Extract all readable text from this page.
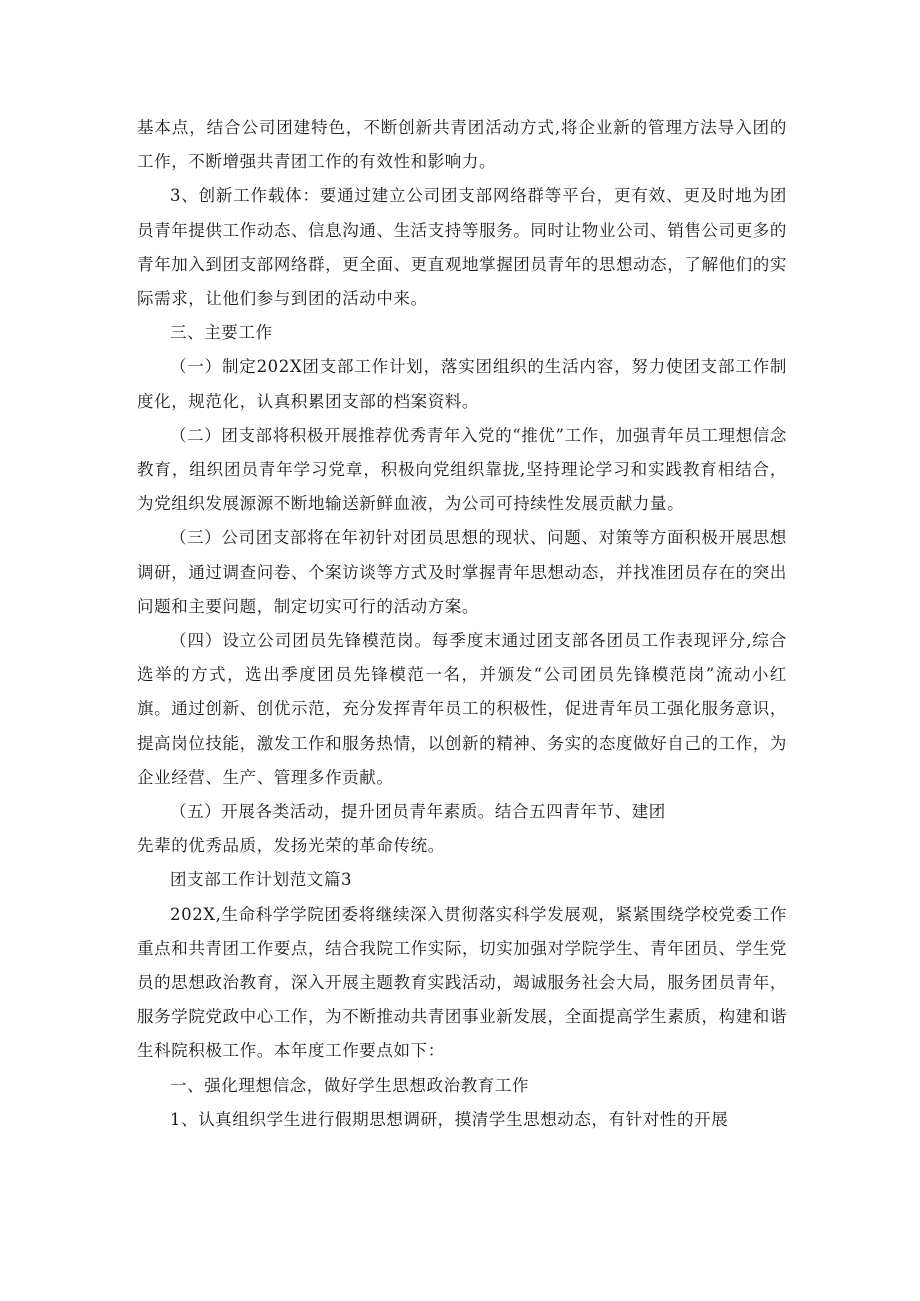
基本点，结合公司团建特色，不断创新共青团活动方式,将企业新的管理方法导入团的工作，不断增强共青团工作的有效性和影响力。

3、创新工作载体：要通过建立公司团支部网络群等平台，更有效、更及时地为团员青年提供工作动态、信息沟通、生活支持等服务。同时让物业公司、销售公司更多的青年加入到团支部网络群，更全面、更直观地掌握团员青年的思想动态，了解他们的实际需求，让他们参与到团的活动中来。

三、主要工作

（一）制定202X团支部工作计划，落实团组织的生活内容，努力使团支部工作制度化，规范化，认真积累团支部的档案资料。

（二）团支部将积极开展推荐优秀青年入党的“推优”工作，加强青年员工理想信念教育，组织团员青年学习党章，积极向党组织靠拢,坚持理论学习和实践教育相结合，为党组织发展源源不断地输送新鲜血液，为公司可持续性发展贡献力量。

（三）公司团支部将在年初针对团员思想的现状、问题、对策等方面积极开展思想调研，通过调查问卷、个案访谈等方式及时掌握青年思想动态，并找准团员存在的突出问题和主要问题，制定切实可行的活动方案。

（四）设立公司团员先锋模范岗。每季度末通过团支部各团员工作表现评分,综合选举的方式，选出季度团员先锋模范一名，并颁发“公司团员先锋模范岗”流动小红旗。通过创新、创优示范，充分发挥青年员工的积极性，促进青年员工强化服务意识，提高岗位技能，激发工作和服务热情，以创新的精神、务实的态度做好自己的工作，为企业经营、生产、管理多作贡献。

（五）开展各类活动，提升团员青年素质。结合五四青年节、建团

先辈的优秀品质，发扬光荣的革命传统。

团支部工作计划范文篇3

202X,生命科学学院团委将继续深入贯彻落实科学发展观，紧紧围绕学校党委工作重点和共青团工作要点，结合我院工作实际，切实加强对学院学生、青年团员、学生党员的思想政治教育，深入开展主题教育实践活动，竭诚服务社会大局，服务团员青年，服务学院党政中心工作，为不断推动共青团事业新发展，全面提高学生素质，构建和谐生科院积极工作。本年度工作要点如下：

一、强化理想信念，做好学生思想政治教育工作

1、认真组织学生进行假期思想调研，摸清学生思想动态，有针对性的开展
